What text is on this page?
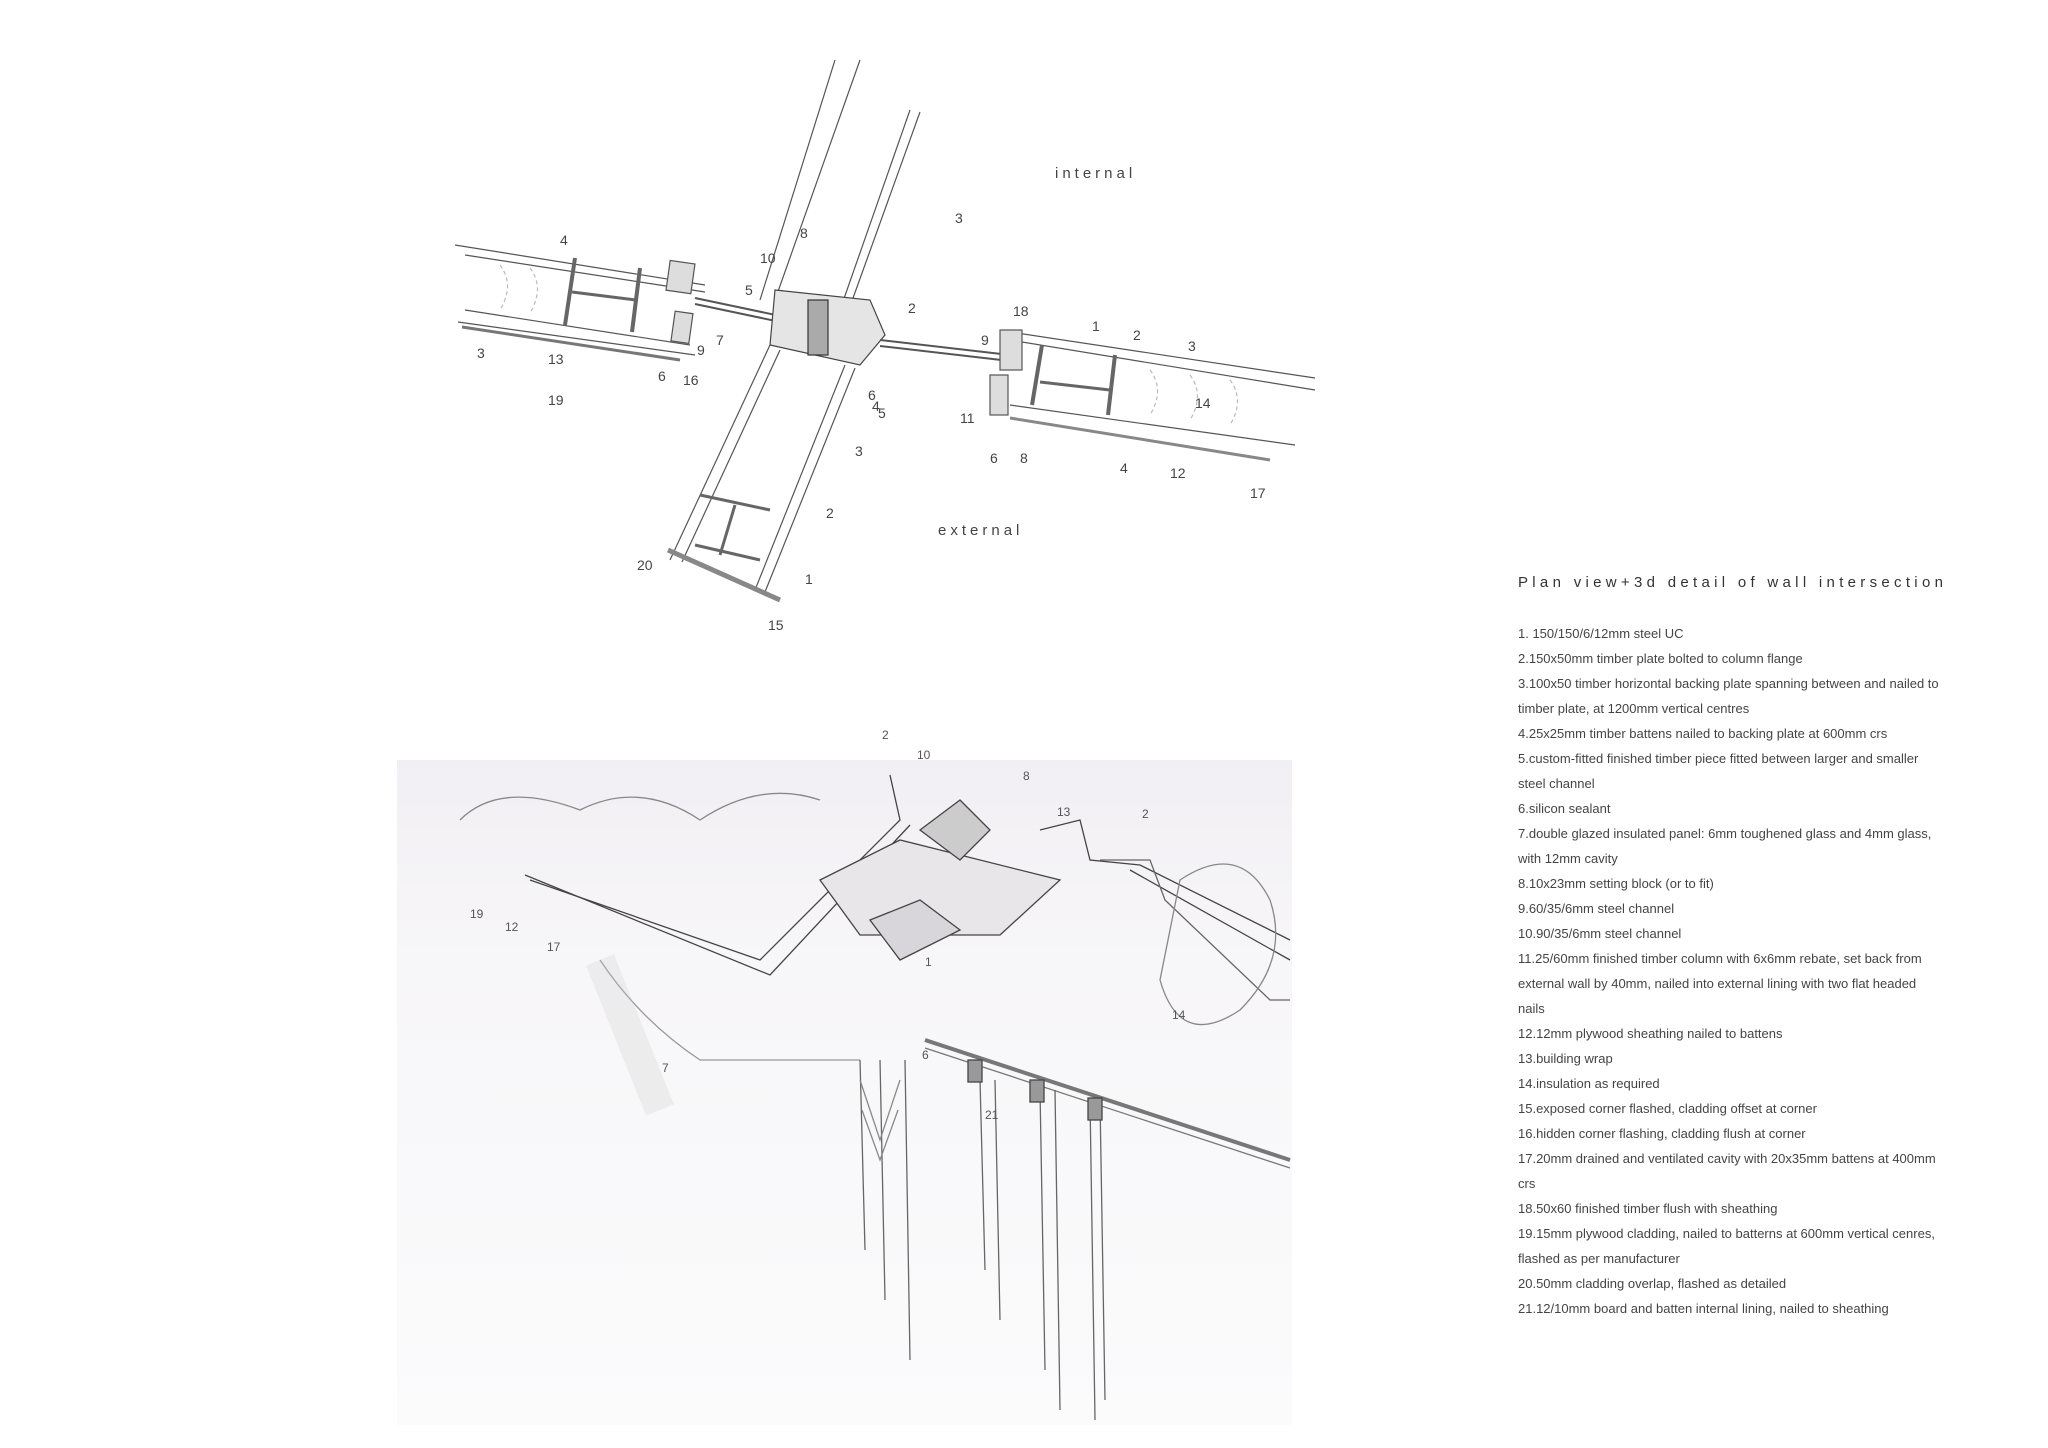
internal
external
4
3	13
19
6 16
9
7
10
5
8
3
2
5
6
4
3
2
20
1
15
18
9
1
2
3
14
11
6 8
4	12
17
2
10
8
13	2
19
12
17
1
14
6
7
21
Plan view+3d detail of wall intersection
1. 150/150/6/12mm steel UC
2.150x50mm timber plate bolted to column flange
3.100x50 timber horizontal backing plate spanning between and nailed to
timber plate, at 1200mm vertical centres
4.25x25mm timber battens nailed to backing plate at 600mm crs
5.custom-fitted finished timber piece fitted between larger and smaller
steel channel
6.silicon sealant
7.double glazed insulated panel: 6mm toughened glass and 4mm glass,
with 12mm cavity
8.10x23mm setting block (or to fit)
9.60/35/6mm steel channel
10.90/35/6mm steel channel
11.25/60mm finished timber column with 6x6mm rebate, set back from
external wall by 40mm, nailed into external lining with two flat headed
nails
12.12mm plywood sheathing nailed to battens
13.building wrap
14.insulation as required
15.exposed corner flashed, cladding offset at corner
16.hidden corner flashing, cladding flush at corner
17.20mm drained and ventilated cavity with 20x35mm battens at 400mm
crs
18.50x60 finished timber flush with sheathing
19.15mm plywood cladding, nailed to batterns at 600mm vertical cenres,
flashed as per manufacturer
20.50mm cladding overlap, flashed as detailed
21.12/10mm board and batten internal lining, nailed to sheathing
